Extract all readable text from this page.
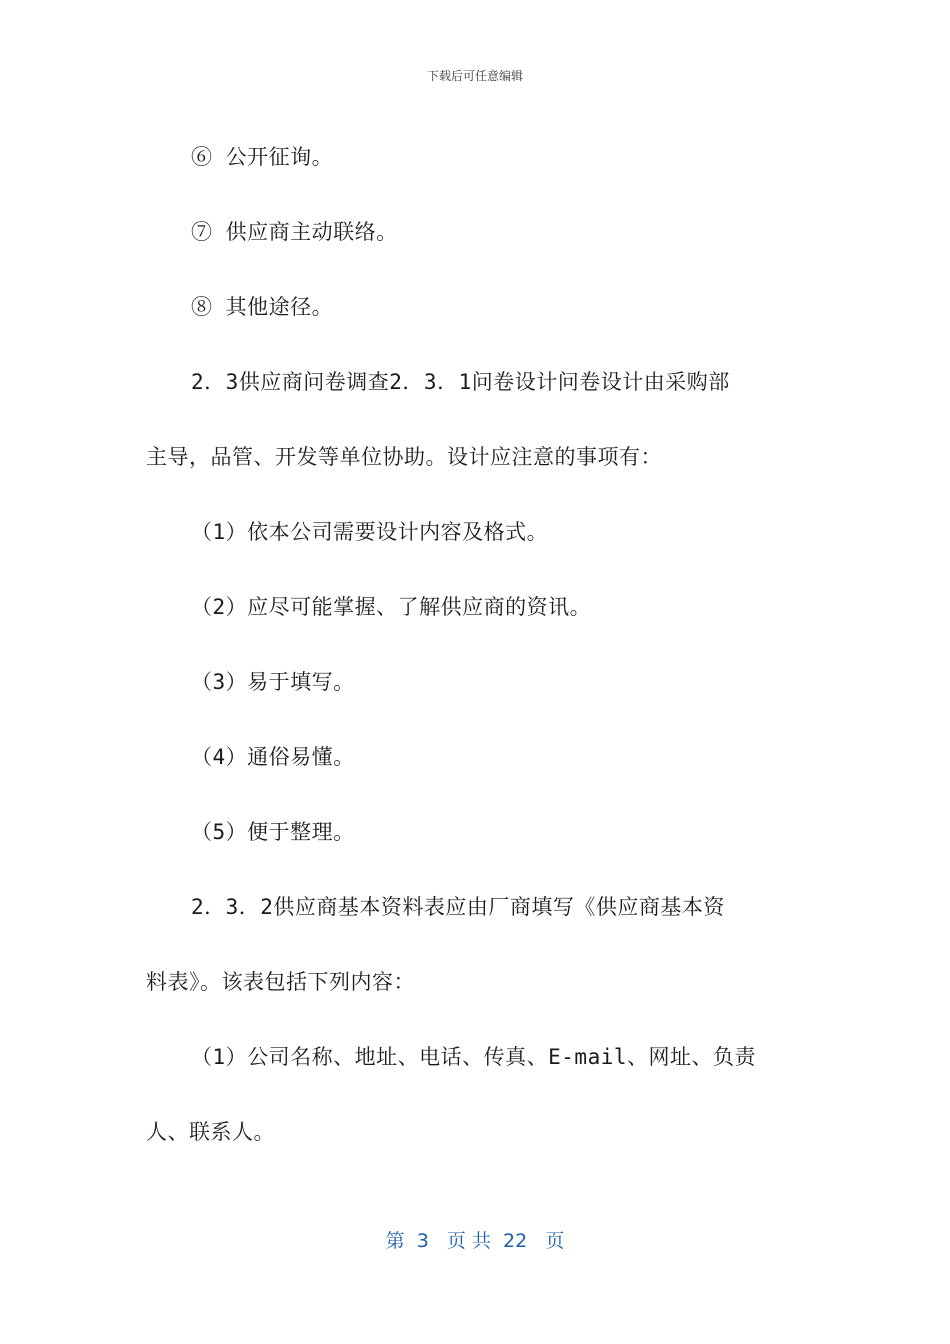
下载后可任意编辑
⑥ 公开征询。
⑦ 供应商主动联络。
⑧ 其他途径。
2．3供应商问卷调查2．3．1问卷设计问卷设计由采购部
主导，品管、开发等单位协助。设计应注意的事项有：
（1）依本公司需要设计内容及格式。
（2）应尽可能掌握、了解供应商的资讯。
（3）易于填写。
（4）通俗易懂。
（5）便于整理。
2．3．2供应商基本资料表应由厂商填写《供应商基本资
料表》。该表包括下列内容：
（1）公司名称、地址、电话、传真、E-mail、网址、负责
人、联系人。
第  3   页 共  22   页
